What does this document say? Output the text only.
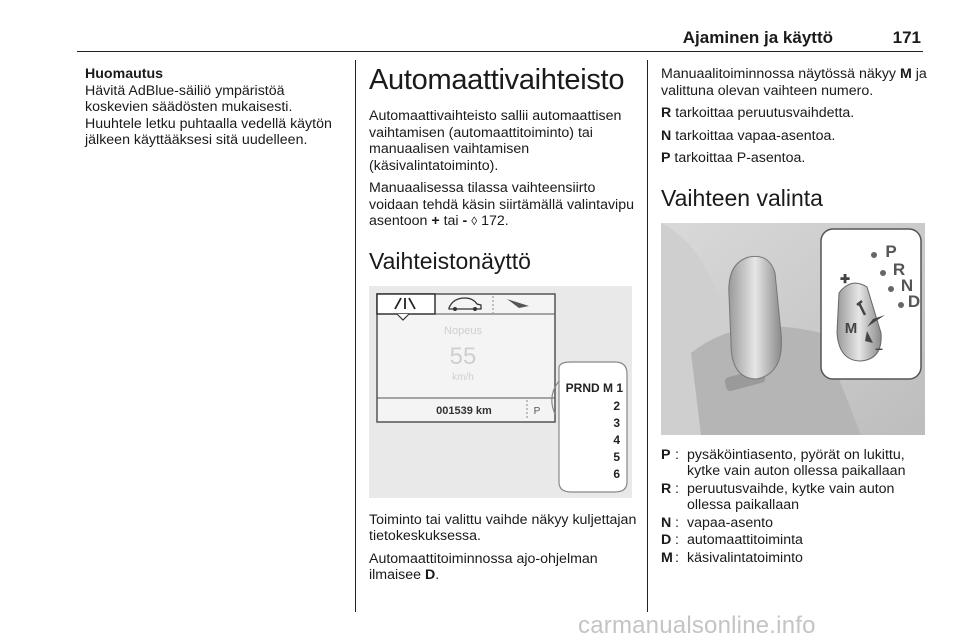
Ajaminen ja käyttö	171
Huomautus
Hävitä AdBlue-säiliö ympäristöä koskevien säädösten mukaisesti. Huuhtele letku puhtaalla vedellä käytön jälkeen käyttääksesi sitä uudelleen.
Automaattivaihteisto

Automaattivaihteisto sallii automaattisen vaihtamisen (automaattitoiminto) tai manuaalisen vaihtamisen (käsivalintatoiminto).

Manuaalisessa tilassa vaihteensiirto voidaan tehdä käsin siirtämällä valintavipu asentoon + tai - ◊ 172.

Vaihteistonäyttö
Nopeus
55
km/h
001539 km	P
PRND M 1
2
3
4
5
6

Toiminto tai valittu vaihde näkyy kuljettajan tietokeskuksessa.

Automaattitoiminnossa ajo-ohjelman ilmaisee D.

Manuaalitoiminnossa näytössä näkyy M ja valittuna olevan vaihteen numero.

R tarkoittaa peruutusvaihdetta.

N tarkoittaa vapaa-asentoa.

P tarkoittaa P-asentoa.

Vaihteen valinta
P
R
N
D
M
✚
–
P : pysäköintiasento, pyörät on lukittu, kytke vain auton ollessa paikallaan
R : peruutusvaihde, kytke vain auton ollessa paikallaan
N : vapaa-asento
D : automaattitoiminta
M : käsivalintatoiminto
carmanualsonline.info
